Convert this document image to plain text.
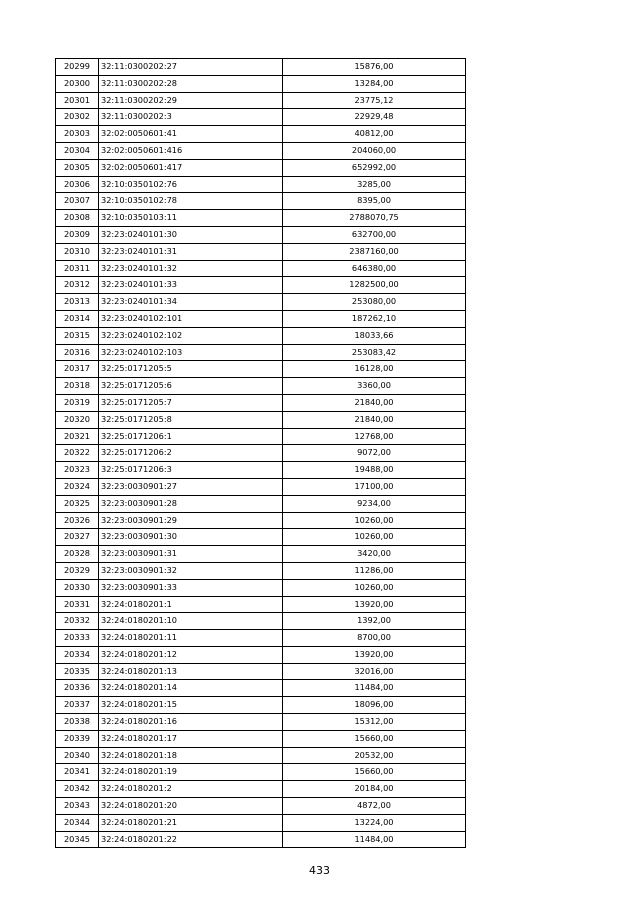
20299	32:11:0300202:27	15876,00
20300	32:11:0300202:28	13284,00
20301	32:11:0300202:29	23775,12
20302	32:11:0300202:3	22929,48
20303	32:02:0050601:41	40812,00
20304	32:02:0050601:416	204060,00
20305	32:02:0050601:417	652992,00
20306	32:10:0350102:76	3285,00
20307	32:10:0350102:78	8395,00
20308	32:10:0350103:11	2788070,75
20309	32:23:0240101:30	632700,00
20310	32:23:0240101:31	2387160,00
20311	32:23:0240101:32	646380,00
20312	32:23:0240101:33	1282500,00
20313	32:23:0240101:34	253080,00
20314	32:23:0240102:101	187262,10
20315	32:23:0240102:102	18033,66
20316	32:23:0240102:103	253083,42
20317	32:25:0171205:5	16128,00
20318	32:25:0171205:6	3360,00
20319	32:25:0171205:7	21840,00
20320	32:25:0171205:8	21840,00
20321	32:25:0171206:1	12768,00
20322	32:25:0171206:2	9072,00
20323	32:25:0171206:3	19488,00
20324	32:23:0030901:27	17100,00
20325	32:23:0030901:28	9234,00
20326	32:23:0030901:29	10260,00
20327	32:23:0030901:30	10260,00
20328	32:23:0030901:31	3420,00
20329	32:23:0030901:32	11286,00
20330	32:23:0030901:33	10260,00
20331	32:24:0180201:1	13920,00
20332	32:24:0180201:10	1392,00
20333	32:24:0180201:11	8700,00
20334	32:24:0180201:12	13920,00
20335	32:24:0180201:13	32016,00
20336	32:24:0180201:14	11484,00
20337	32:24:0180201:15	18096,00
20338	32:24:0180201:16	15312,00
20339	32:24:0180201:17	15660,00
20340	32:24:0180201:18	20532,00
20341	32:24:0180201:19	15660,00
20342	32:24:0180201:2	20184,00
20343	32:24:0180201:20	4872,00
20344	32:24:0180201:21	13224,00
20345	32:24:0180201:22	11484,00
433
